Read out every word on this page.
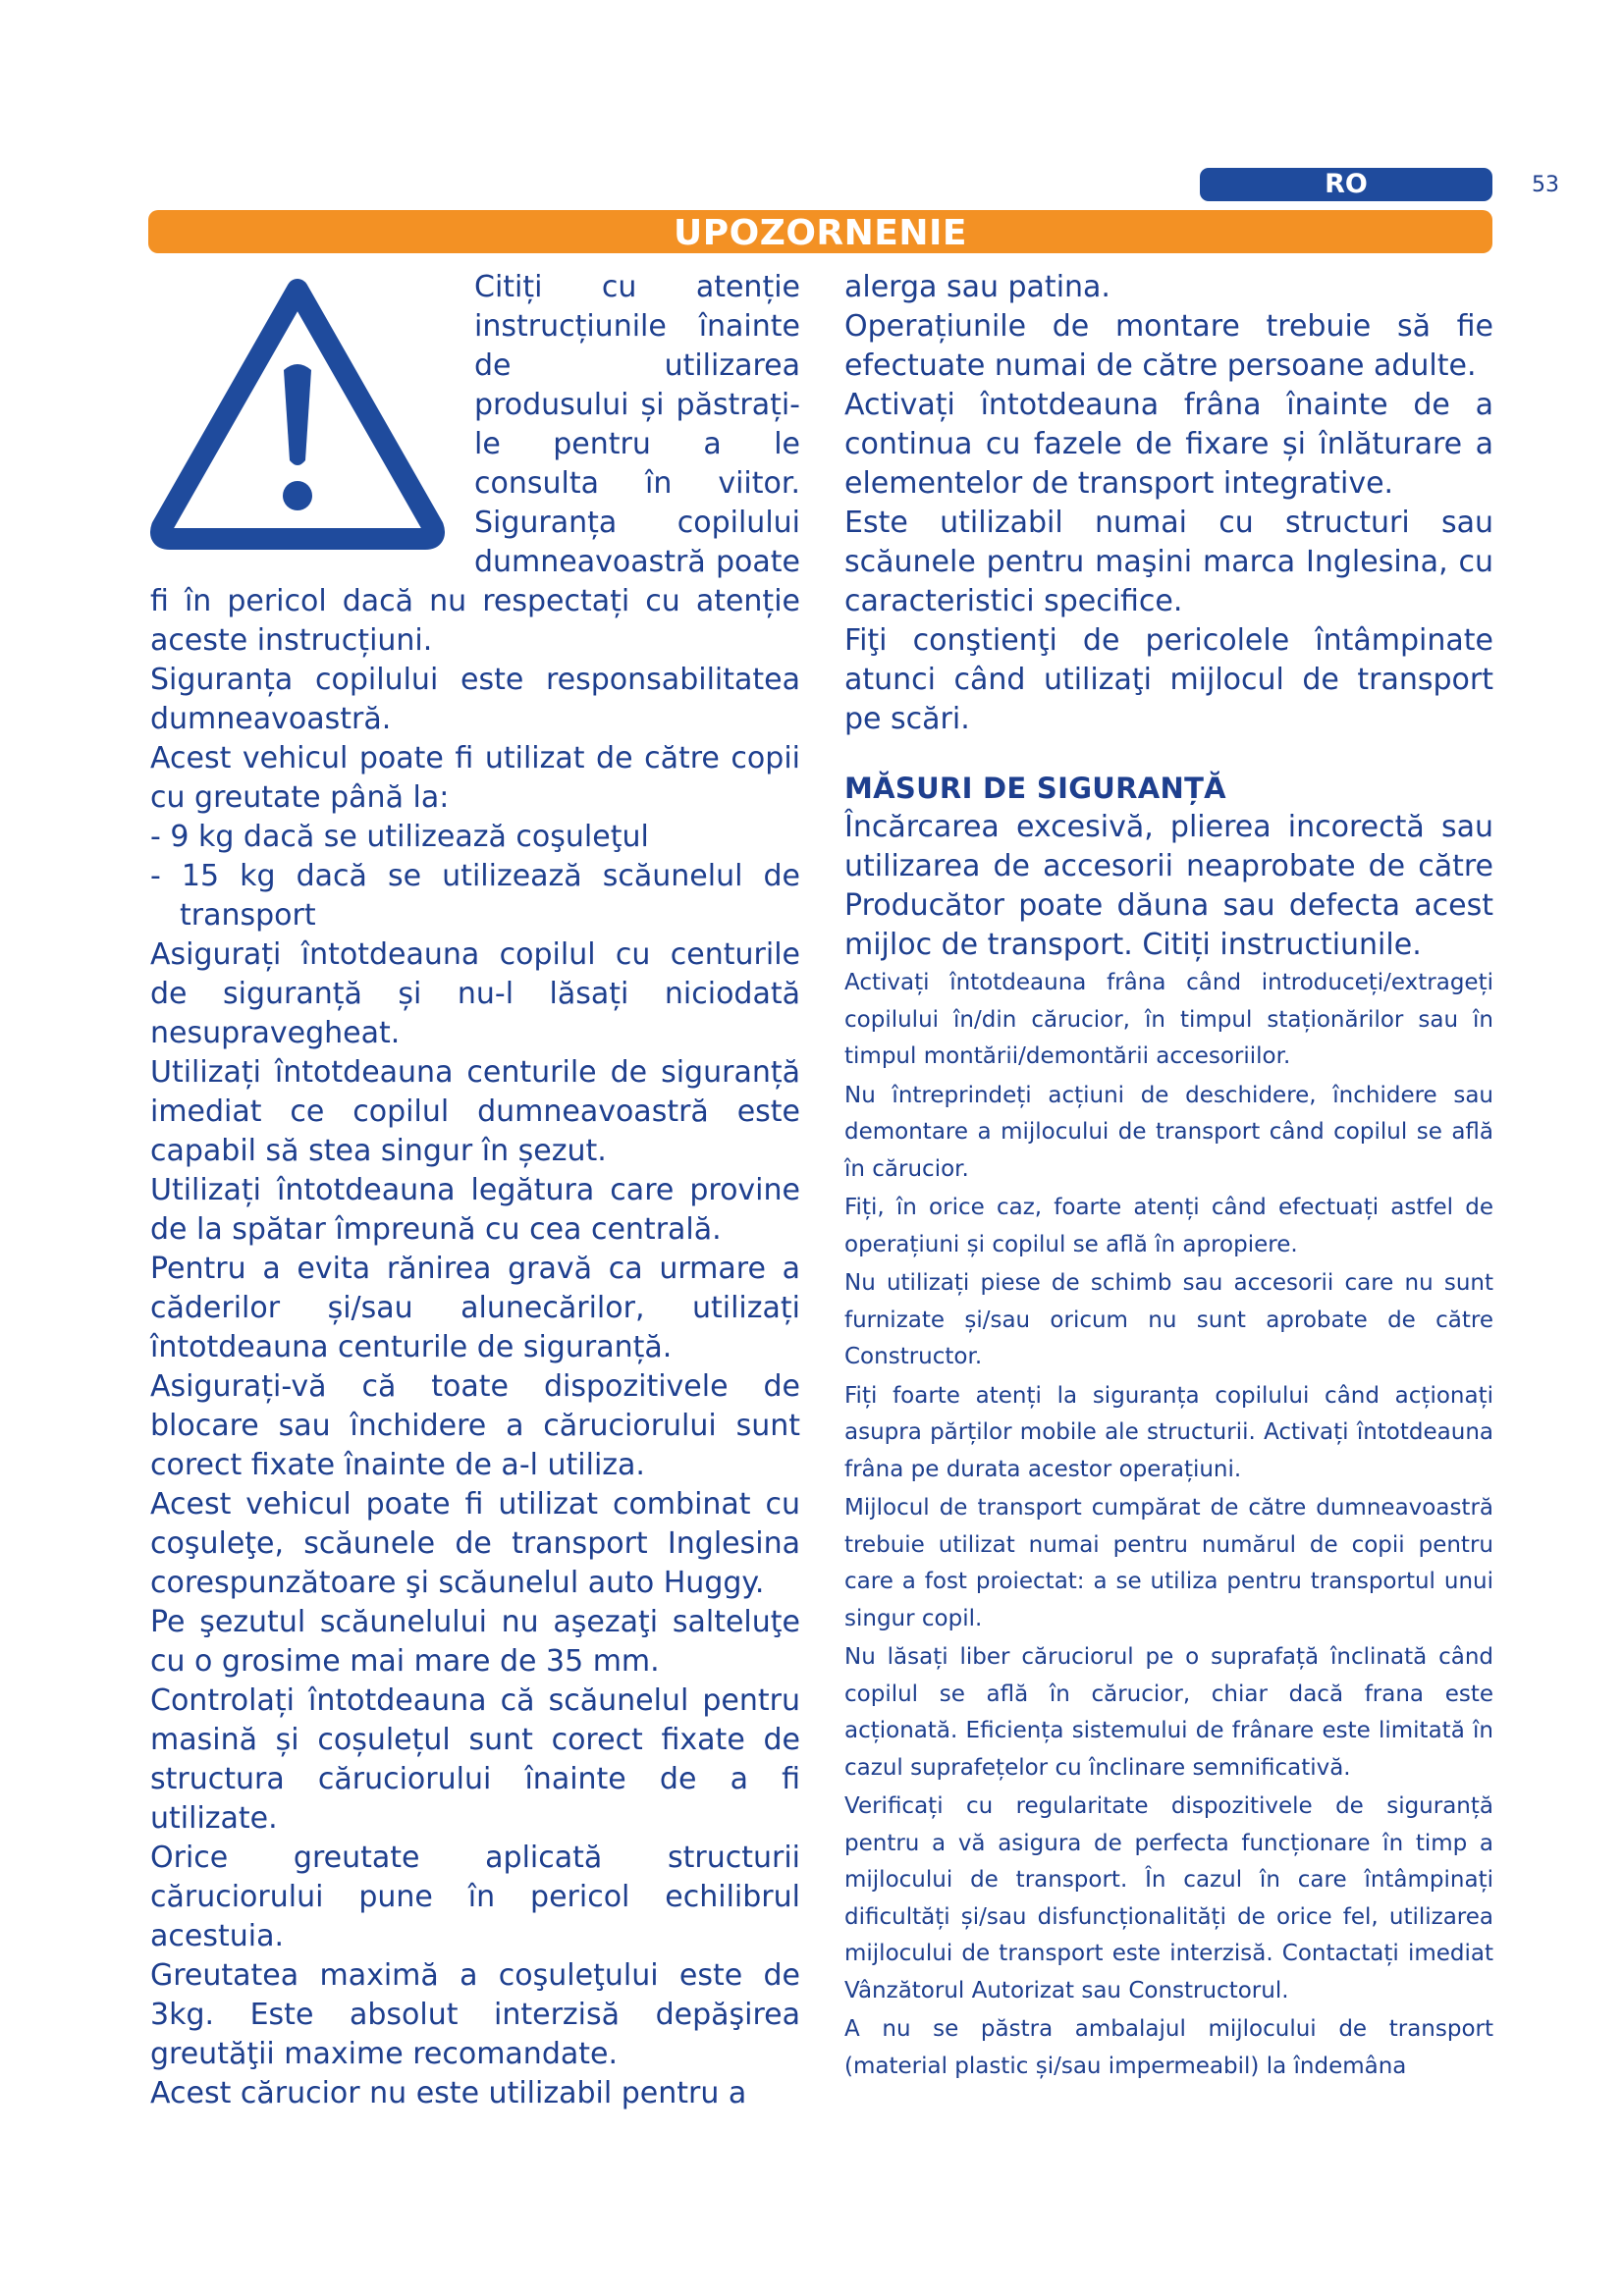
RO	53
UPOZORNENIE

Citiți cu atenție instrucțiunile înainte de utilizarea produsului și păstrați-le pentru a le consulta în viitor. Siguranța copilului dumneavoastră poate fi în pericol dacă nu respectați cu atenție aceste instrucțiuni.

Siguranța copilului este responsabilitatea dumneavoastră.

Acest vehicul poate fi utilizat de către copii cu greutate până la:

- 9 kg dacă se utilizează coşuleţul

- 15 kg dacă se utilizează scăunelul de transport

Asigurați întotdeauna copilul cu centurile de siguranță și nu-l lăsați niciodată nesupravegheat.

Utilizați întotdeauna centurile de siguranță imediat ce copilul dumneavoastră este capabil să stea singur în șezut.

Utilizați întotdeauna legătura care provine de la spătar împreună cu cea centrală.

Pentru a evita rănirea gravă ca urmare a căderilor și/sau alunecărilor, utilizați întotdeauna centurile de siguranță.

Asigurați-vă că toate dispozitivele de blocare sau închidere a căruciorului sunt corect fixate înainte de a-l utiliza.

Acest vehicul poate fi utilizat combinat cu coşuleţe, scăunele de transport Inglesina corespunzătoare şi scăunelul auto Huggy.

Pe şezutul scăunelului nu aşezaţi salteluţe cu o grosime mai mare de 35 mm.

Controlați întotdeauna că scăunelul pentru masină și coșulețul sunt corect fixate de structura căruciorului înainte de a fi utilizate.

Orice greutate aplicată structurii căruciorului pune în pericol echilibrul acestuia.

Greutatea maximă a coşuleţului este de 3kg. Este absolut interzisă depăşirea greutăţii maxime recomandate.

Acest cărucior nu este utilizabil pentru a

alerga sau patina.

Operațiunile de montare trebuie să fie efectuate numai de către persoane adulte.

Activați întotdeauna frâna înainte de a continua cu fazele de fixare și înlăturare a elementelor de transport integrative.

Este utilizabil numai cu structuri sau scăunele pentru maşini marca Inglesina, cu caracteristici specifice.

Fiţi conştienţi de pericolele întâmpinate atunci când utilizaţi mijlocul de transport pe scări.

MĂSURI DE SIGURANȚĂ

Încărcarea excesivă, plierea incorectă sau utilizarea de accesorii neaprobate de către Producător poate dăuna sau defecta acest mijloc de transport. Citiți instructiunile.

Activați întotdeauna frâna când introduceți/extrageți copilului în/din cărucior, în timpul staționărilor sau în timpul montării/demontării accesoriilor.

Nu întreprindeți acțiuni de deschidere, închidere sau demontare a mijlocului de transport când copilul se află în cărucior.

Fiți, în orice caz, foarte atenți când efectuați astfel de operațiuni și copilul se află în apropiere.

Nu utilizați piese de schimb sau accesorii care nu sunt furnizate și/sau oricum nu sunt aprobate de către Constructor.

Fiți foarte atenți la siguranța copilului când acționați asupra părților mobile ale structurii. Activați întotdeauna frâna pe durata acestor operațiuni.

Mijlocul de transport cumpărat de către dumneavoastră trebuie utilizat numai pentru numărul de copii pentru care a fost proiectat: a se utiliza pentru transportul unui singur copil.

Nu lăsați liber căruciorul pe o suprafață înclinată când copilul se află în cărucior, chiar dacă frana este acționată. Eficiența sistemului de frânare este limitată în cazul suprafețelor cu înclinare semnificativă.

Verificați cu regularitate dispozitivele de siguranță pentru a vă asigura de perfecta funcționare în timp a mijlocului de transport. În cazul în care întâmpinați dificultăți și/sau disfuncționalități de orice fel, utilizarea mijlocului de transport este interzisă. Contactați imediat Vânzătorul Autorizat sau Constructorul.

A nu se păstra ambalajul mijlocului de transport (material plastic și/sau impermeabil) la îndemâna
